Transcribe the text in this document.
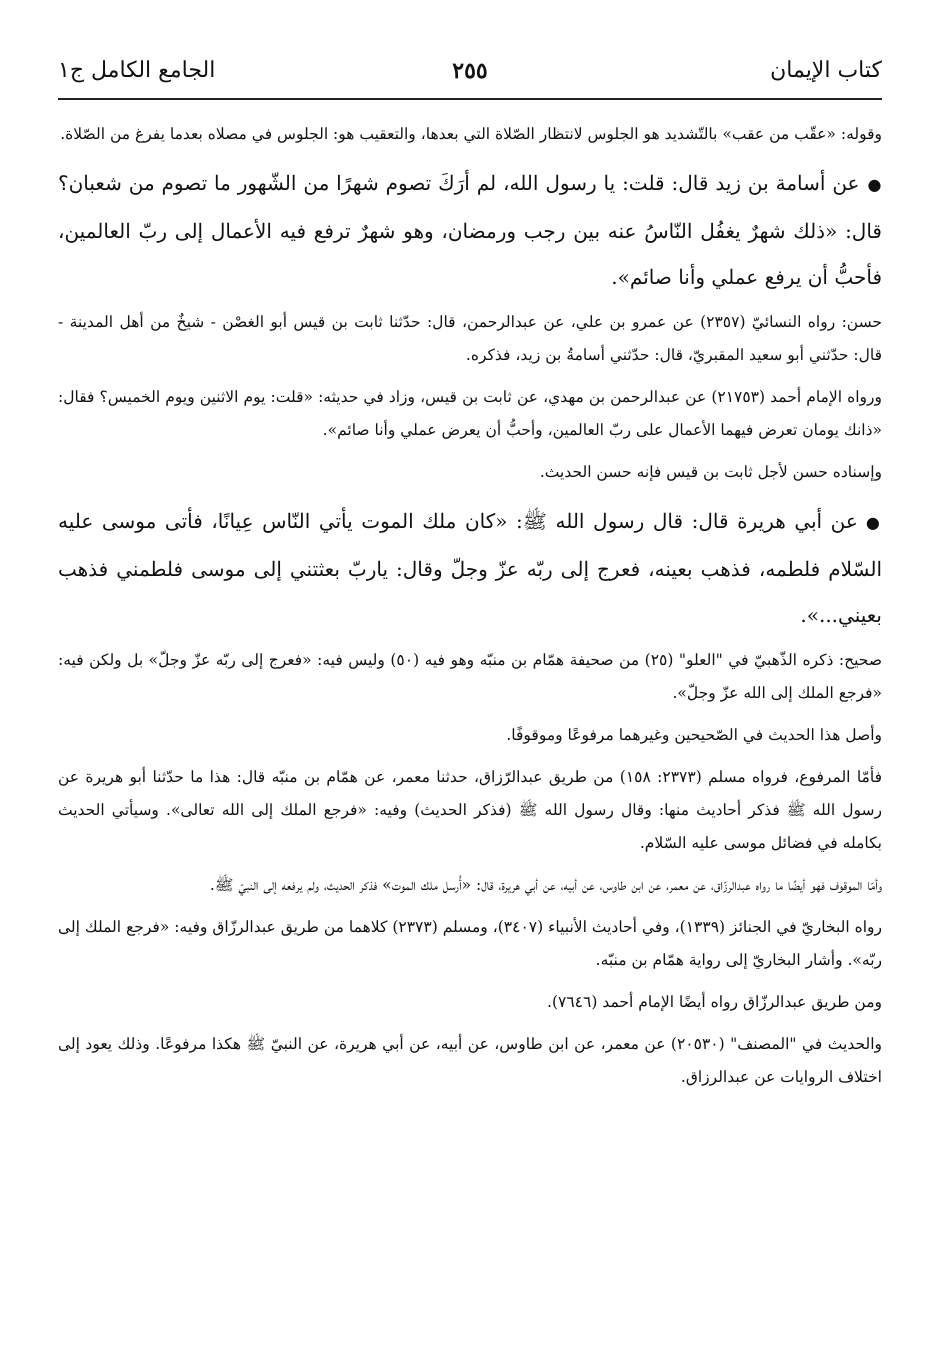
كتاب الإيمان
٢٥٥
الجامع الكامل ج١

وقوله: «عقّب من عقب» بالتّشديد هو الجلوس لانتظار الصّلاة التي بعدها، والتعقيب هو: الجلوس في مصلاه بعدما يفرغ من الصّلاة.

●عن أسامة بن زيد قال: قلت: يا رسول الله، لم أرَكَ تصوم شهرًا من الشّهور ما تصوم من شعبان؟ قال: «ذلك شهرٌ يغفُل النّاسُ عنه بين رجب ورمضان، وهو شهرٌ ترفع فيه الأعمال إلى ربّ العالمين، فأحبُّ أن يرفع عملي وأنا صائم».

حسن: رواه النسائيّ (٢٣٥٧) عن عمرو بن علي، عن عبدالرحمن، قال: حدّثنا ثابت بن قيس أبو الغصْن - شيخٌ من أهل المدينة - قال: حدّثني أبو سعيد المقبريّ، قال: حدّثني أسامةُ بن زيد، فذكره.

ورواه الإمام أحمد (٢١٧٥٣) عن عبدالرحمن بن مهدي، عن ثابت بن قيس، وزاد في حديثه: «قلت: يوم الاثنين ويوم الخميس؟ فقال: «ذانك يومان تعرض فيهما الأعمال على ربّ العالمين، وأحبُّ أن يعرض عملي وأنا صائم».

وإسناده حسن لأجل ثابت بن قيس فإنه حسن الحديث.

●عن أبي هريرة قال: قال رسول الله ﷺ: «كان ملك الموت يأتي النّاس عِيانًا، فأتى موسى عليه السّلام فلطمه، فذهب بعينه، فعرج إلى ربّه عزّ وجلّ وقال: ياربّ بعثتني إلى موسى فلطمني فذهب بعيني...».

صحيح: ذكره الذّهبيّ في "العلو" (٢٥) من صحيفة همّام بن منبّه وهو فيه (٥٠) وليس فيه: «فعرج إلى ربّه عزّ وجلّ» بل ولكن فيه: «فرجع الملك إلى الله عزّ وجلّ».

وأصل هذا الحديث في الصّحيحين وغيرهما مرفوعًا وموقوفًا.

فأمّا المرفوع، فرواه مسلم (٢٣٧٣: ١٥٨) من طريق عبدالرّزاق، حدثنا معمر، عن همّام بن منبّه قال: هذا ما حدّثنا أبو هريرة عن رسول الله ﷺ فذكر أحاديث منها: وقال رسول الله ﷺ (فذكر الحديث) وفيه: «فرجع الملك إلى الله تعالى». وسيأتي الحديث بكامله في فضائل موسى عليه السّلام.

وأمّا الموقوف فهو أيضًا ما رواه عبدالرزّاق، عن معمر، عن ابن طاوس، عن أبيه، عن أبي هريرة، قال: «أُرسل ملك الموت» فذكر الحديث، ولم يرفعه إلى النبيّ ﷺ.

رواه البخاريّ في الجنائز (١٣٣٩)، وفي أحاديث الأنبياء (٣٤٠٧)، ومسلم (٢٣٧٣) كلاهما من طريق عبدالرزّاق وفيه: «فرجع الملك إلى ربّه». وأشار البخاريّ إلى رواية همّام بن منبّه.

ومن طريق عبدالرزّاق رواه أيضًا الإمام أحمد (٧٦٤٦).

والحديث في "المصنف" (٢٠٥٣٠) عن معمر، عن ابن طاوس، عن أبيه، عن أبي هريرة، عن النبيّ ﷺ هكذا مرفوعًا. وذلك يعود إلى اختلاف الروايات عن عبدالرزاق.
